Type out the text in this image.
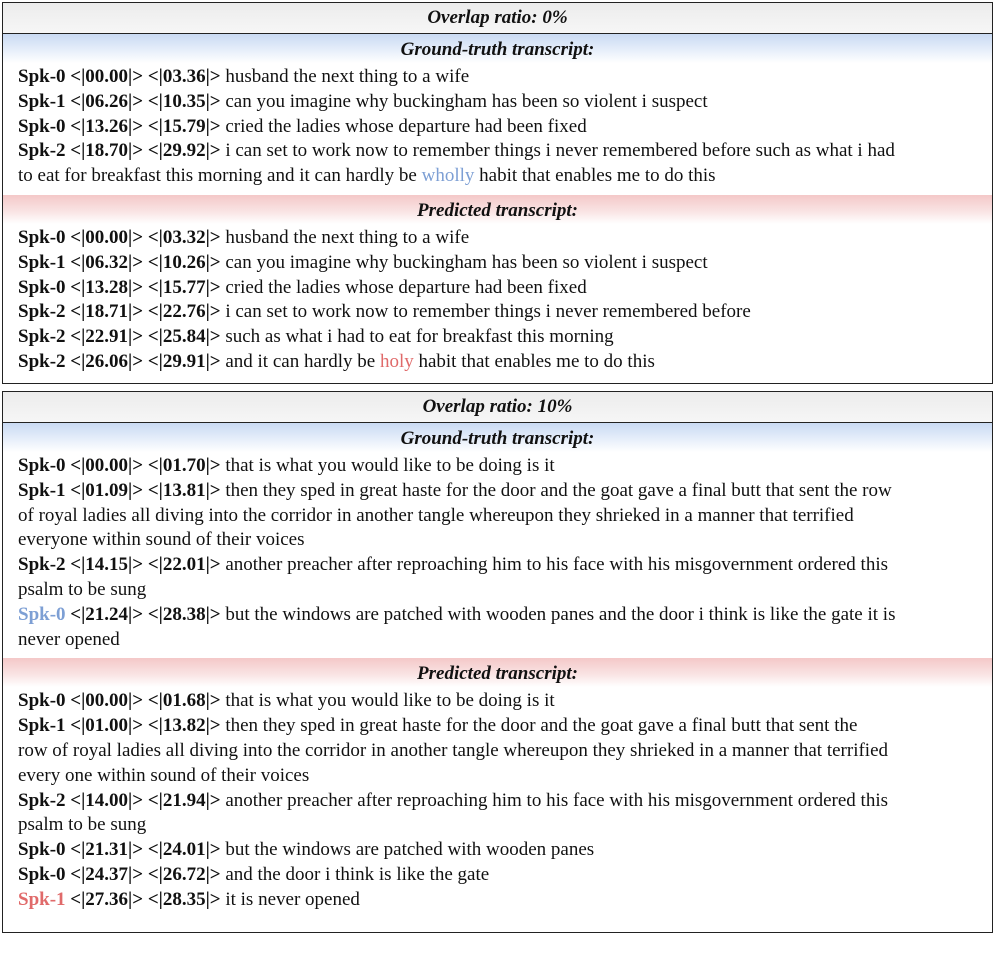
Overlap ratio: 0%
Ground-truth transcript:

Spk-0 <|00.00|> <|03.36|> husband the next thing to a wife

Spk-1 <|06.26|> <|10.35|> can you imagine why buckingham has been so violent i suspect

Spk-0 <|13.26|> <|15.79|> cried the ladies whose departure had been fixed

Spk-2 <|18.70|> <|29.92|> i can set to work now to remember things i never remembered before such as what i had

to eat for breakfast this morning and it can hardly be wholly habit that enables me to do this

Predicted transcript:

Spk-0 <|00.00|> <|03.32|> husband the next thing to a wife

Spk-1 <|06.32|> <|10.26|> can you imagine why buckingham has been so violent i suspect

Spk-0 <|13.28|> <|15.77|> cried the ladies whose departure had been fixed

Spk-2 <|18.71|> <|22.76|> i can set to work now to remember things i never remembered before

Spk-2 <|22.91|> <|25.84|> such as what i had to eat for breakfast this morning

Spk-2 <|26.06|> <|29.91|> and it can hardly be holy habit that enables me to do this

Overlap ratio: 10%
Ground-truth transcript:

Spk-0 <|00.00|> <|01.70|> that is what you would like to be doing is it

Spk-1 <|01.09|> <|13.81|> then they sped in great haste for the door and the goat gave a final butt that sent the row

of royal ladies all diving into the corridor in another tangle whereupon they shrieked in a manner that terrified

everyone within sound of their voices

Spk-2 <|14.15|> <|22.01|> another preacher after reproaching him to his face with his misgovernment ordered this

psalm to be sung

Spk-0 <|21.24|> <|28.38|> but the windows are patched with wooden panes and the door i think is like the gate it is

never opened

Predicted transcript:

Spk-0 <|00.00|> <|01.68|> that is what you would like to be doing is it

Spk-1 <|01.00|> <|13.82|> then they sped in great haste for the door and the goat gave a final butt that sent the

row of royal ladies all diving into the corridor in another tangle whereupon they shrieked in a manner that terrified

every one within sound of their voices

Spk-2 <|14.00|> <|21.94|> another preacher after reproaching him to his face with his misgovernment ordered this

psalm to be sung

Spk-0 <|21.31|> <|24.01|> but the windows are patched with wooden panes

Spk-0 <|24.37|> <|26.72|> and the door i think is like the gate

Spk-1 <|27.36|> <|28.35|> it is never opened
